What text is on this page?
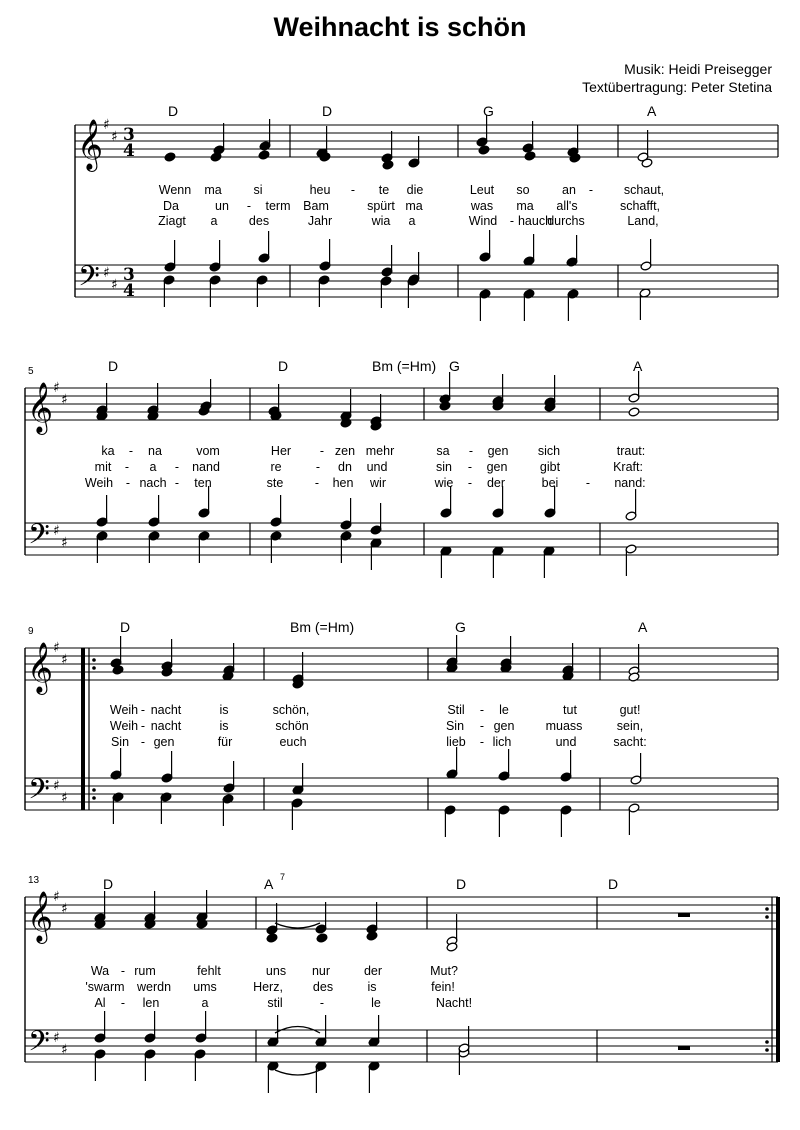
Weihnacht is schön
Musik: Heidi Preisegger
Textübertragung: Peter Stetina
𝄞
𝄢
♯
♯
♯
♯
3
4
3
4
𝄞
𝄢
♯
♯
♯
♯
𝄞
𝄢
♯
♯
♯
♯
𝄞
𝄢
♯
♯
♯
♯
D	D	G	A
Wenn ma	si	heu - te die	Leut so	an - schaut,
Da	un - term Bam	spürt ma	was ma all's	schafft,
Ziagt a	des	Jahr	wia a	Wind - hauch
durchs	Land,
5	D	D	Bm (=Hm) G	A
ka - na	vom	Her - zen mehr	sa - gen sich	traut:
mit - a - nand	re	- dn und	sin - gen	gibt	Kraft:
Weih - nach - ten	ste	- hen wir	wie - der	bei - nand:
9	D	Bm (=Hm)	G	A
Weih - nacht	is	schön,	Stil - le	tut	gut!
Weih - nacht	is	schön	Sin - gen muass	sein,
Sin - gen	für	euch	lieb - lich	und	sacht:
13	D	A 7	D	D
Wa - rum	fehlt	uns nur	der	Mut?
'swarm werdn ums	Herz, des	is	fein!
Al - len	a	stil	-	le	Nacht!
